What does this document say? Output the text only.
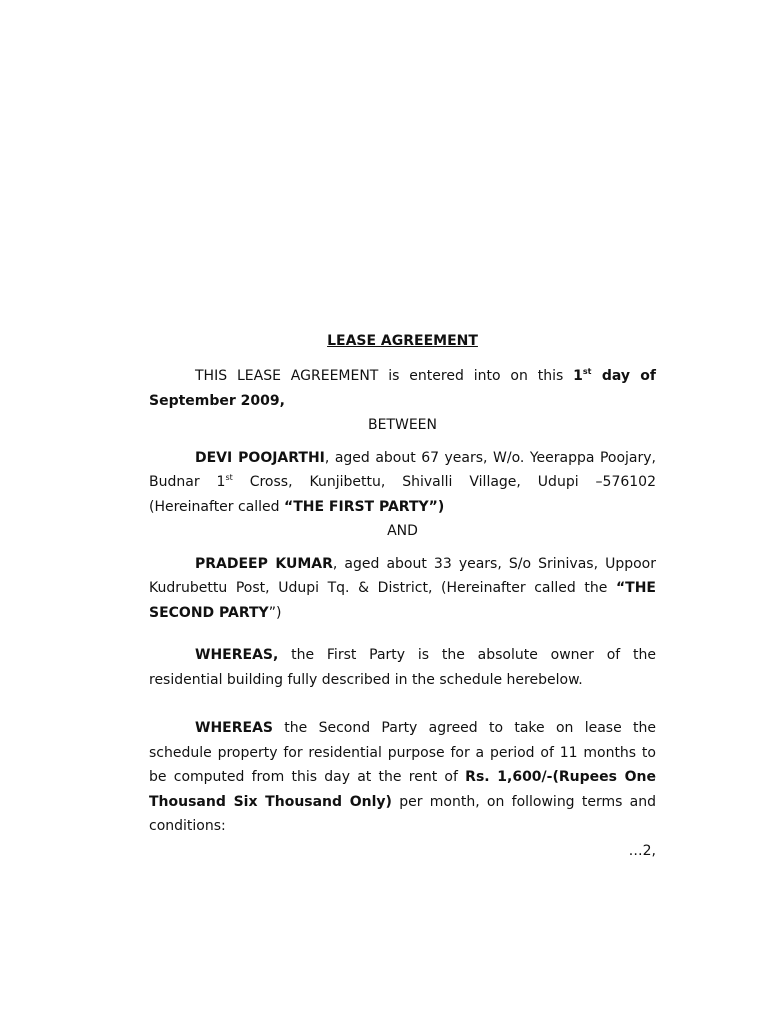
LEASE AGREEMENT

THIS LEASE AGREEMENT is entered into on this 1st day of September 2009,

BETWEEN

DEVI POOJARTHI, aged about 67 years, W/o. Yeerappa Poojary, Budnar 1st Cross, Kunjibettu, Shivalli Village, Udupi –576102 (Hereinafter called “THE FIRST PARTY”)

AND

PRADEEP KUMAR, aged about 33 years, S/o Srinivas, Uppoor Kudrubettu Post, Udupi Tq. & District, (Hereinafter called the “THE SECOND PARTY”)

WHEREAS, the First Party is the absolute owner of the residential building fully described in the schedule herebelow.

WHEREAS the Second Party agreed to take on lease the schedule property for residential purpose for a period of 11 months to be computed from this day at the rent of Rs. 1,600/-(Rupees One Thousand Six Thousand Only) per month, on following terms and conditions:

…2,
